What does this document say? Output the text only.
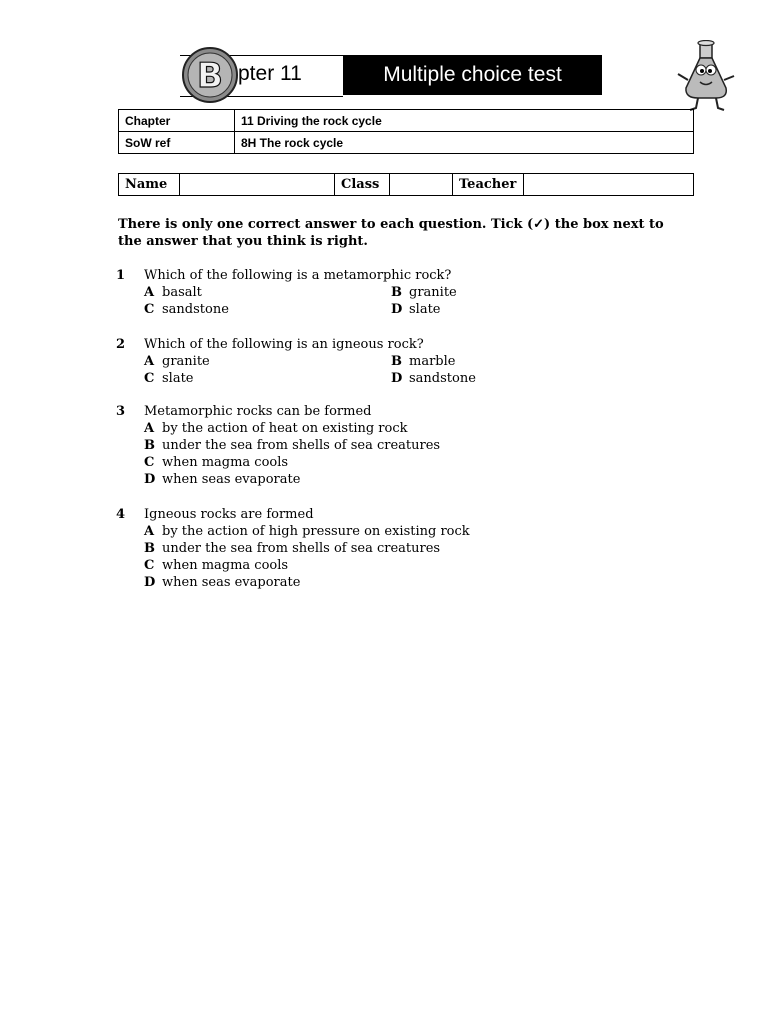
pter 11	Multiple choice test
B
Chapter	11 Driving the rock cycle
SoW ref	8H The rock cycle
Name		Class		Teacher	
There is only one correct answer to each question. Tick (✓) the box next to the answer that you think is right.
1 Which of the following is a metamorphic rock?
A basalt	B granite
C sandstone	D slate
2 Which of the following is an igneous rock?
A granite	B marble
C slate	D sandstone
3 Metamorphic rocks can be formed
A by the action of heat on existing rock
B under the sea from shells of sea creatures
C when magma cools
D when seas evaporate
4 Igneous rocks are formed
A by the action of high pressure on existing rock
B under the sea from shells of sea creatures
C when magma cools
D when seas evaporate
